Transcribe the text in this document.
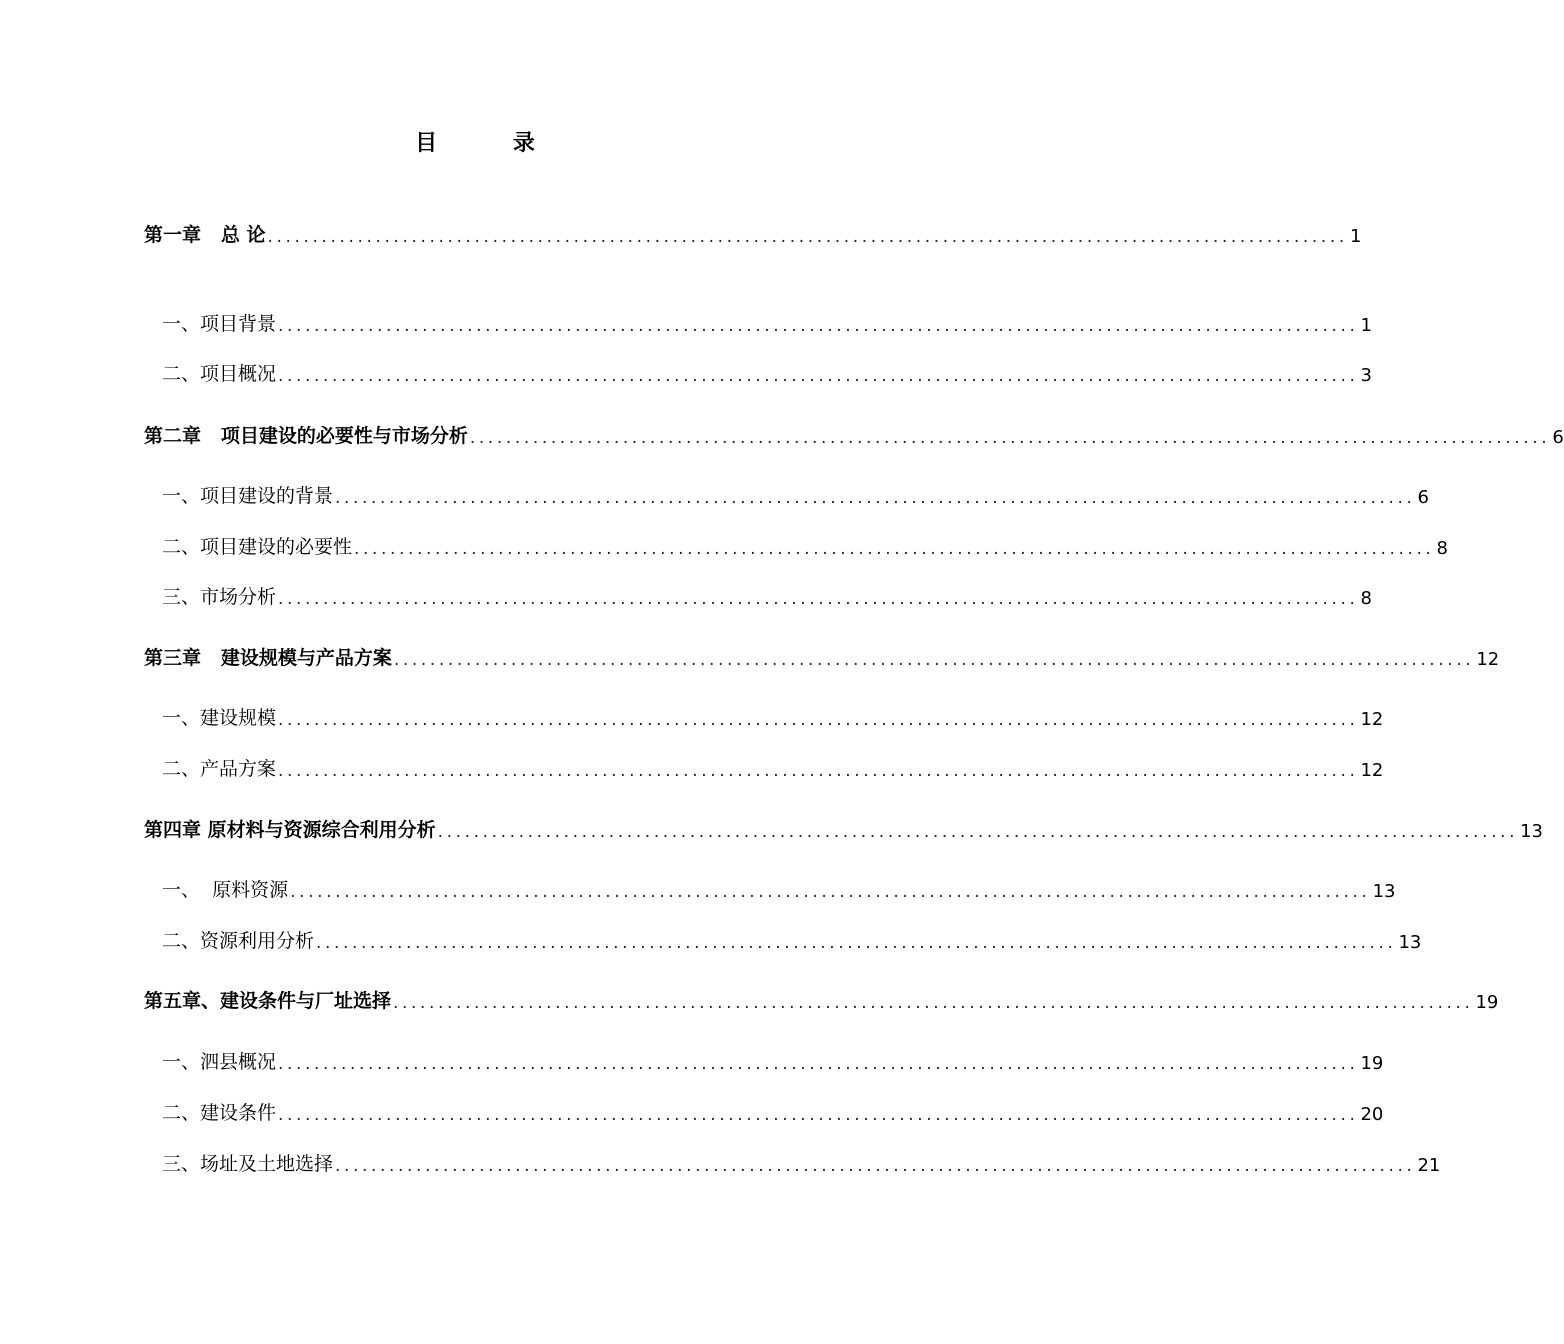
目 录
第一章   总 论 ........................................................................................................................ 1
一、项目背景 ........................................................................................................................ 1
二、项目概况 ........................................................................................................................ 3
第二章   项目建设的必要性与市场分析 ........................................................................................................................ 6
一、项目建设的背景 ........................................................................................................................ 6
二、项目建设的必要性 ........................................................................................................................ 8
三、市场分析 ........................................................................................................................ 8
第三章   建设规模与产品方案 ........................................................................................................................ 12
一、建设规模 ........................................................................................................................ 12
二、产品方案 ........................................................................................................................ 12
第四章 原材料与资源综合利用分析 ........................................................................................................................ 13
一、  原料资源 ........................................................................................................................ 13
二、资源利用分析 ........................................................................................................................ 13
第五章、建设条件与厂址选择 ........................................................................................................................ 19
一、泗县概况 ........................................................................................................................ 19
二、建设条件 ........................................................................................................................ 20
三、场址及土地选择 ........................................................................................................................ 21
